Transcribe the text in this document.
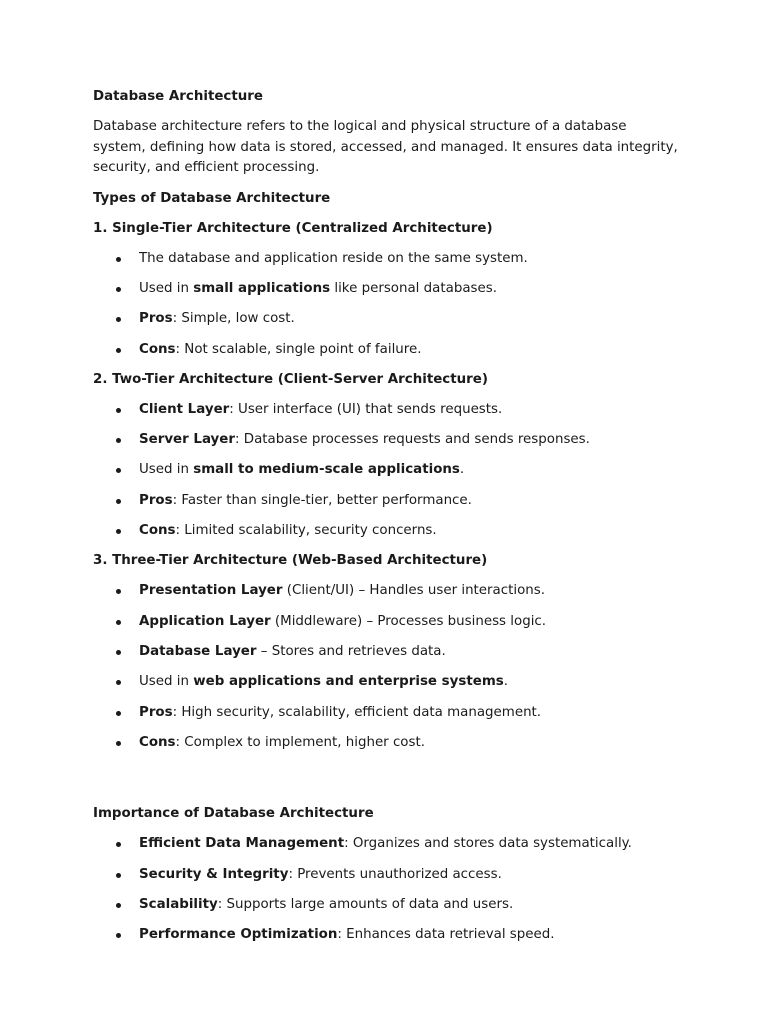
Database Architecture

Database architecture refers to the logical and physical structure of a database system, defining how data is stored, accessed, and managed. It ensures data integrity, security, and efficient processing.

Types of Database Architecture

1. Single-Tier Architecture (Centralized Architecture)

The database and application reside on the same system.
Used in small applications like personal databases.
Pros: Simple, low cost.
Cons: Not scalable, single point of failure.

2. Two-Tier Architecture (Client-Server Architecture)

Client Layer: User interface (UI) that sends requests.
Server Layer: Database processes requests and sends responses.
Used in small to medium-scale applications.
Pros: Faster than single-tier, better performance.
Cons: Limited scalability, security concerns.

3. Three-Tier Architecture (Web-Based Architecture)

Presentation Layer (Client/UI) – Handles user interactions.
Application Layer (Middleware) – Processes business logic.
Database Layer – Stores and retrieves data.
Used in web applications and enterprise systems.
Pros: High security, scalability, efficient data management.
Cons: Complex to implement, higher cost.

Importance of Database Architecture

Efficient Data Management: Organizes and stores data systematically.
Security & Integrity: Prevents unauthorized access.
Scalability: Supports large amounts of data and users.
Performance Optimization: Enhances data retrieval speed.
